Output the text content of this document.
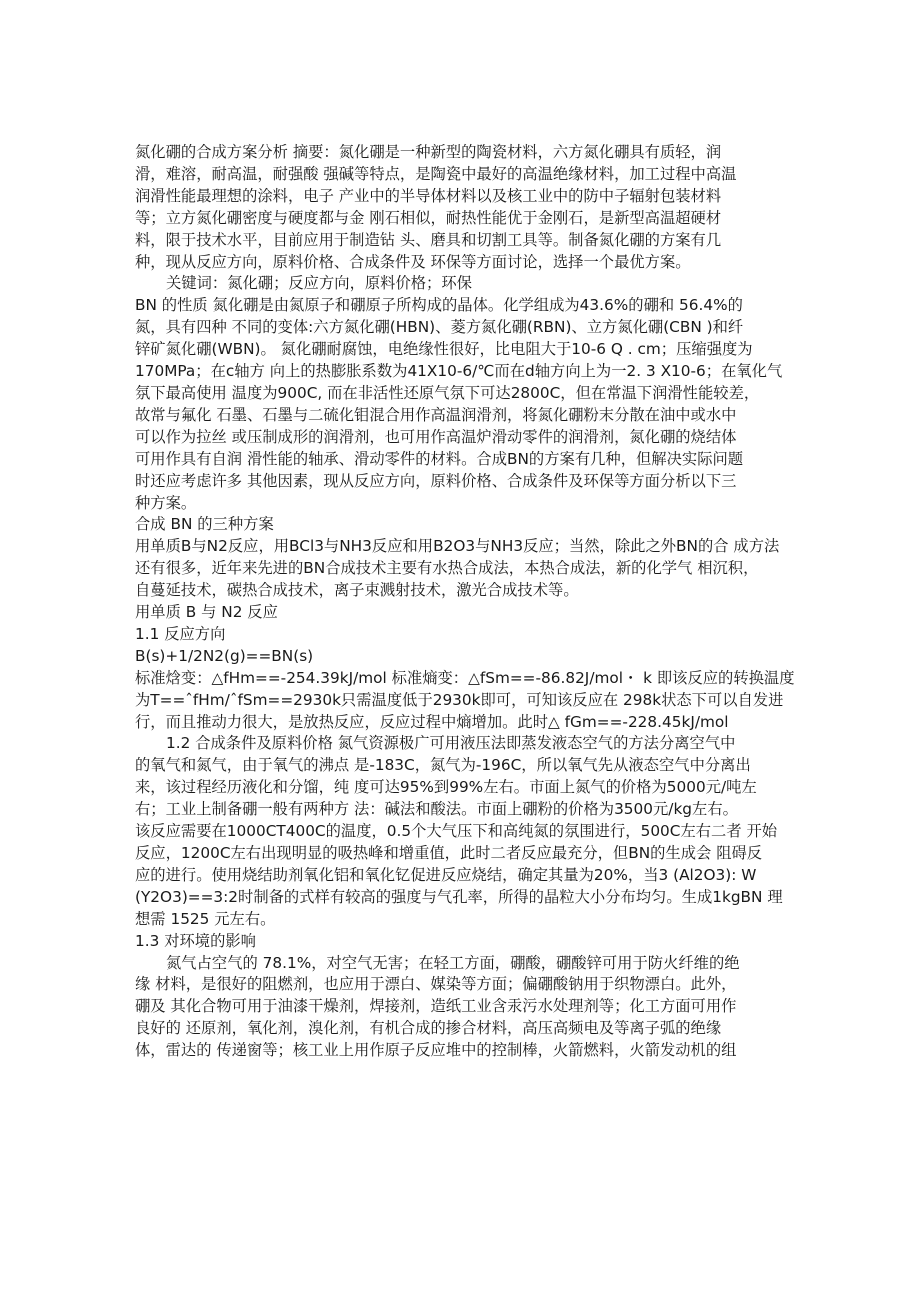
氮化硼的合成方案分析 摘要：氮化硼是一种新型的陶瓷材料，六方氮化硼具有质轻，润
滑，难溶，耐高温，耐强酸 强碱等特点，是陶瓷中最好的高温绝缘材料，加工过程中高温
润滑性能最理想的涂料，电子 产业中的半导体材料以及核工业中的防中子辐射包装材料
等；立方氮化硼密度与硬度都与金 刚石相似，耐热性能优于金刚石，是新型高温超硬材
料，限于技术水平，目前应用于制造钻 头、磨具和切割工具等。制备氮化硼的方案有几
种，现从反应方向，原料价格、合成条件及 环保等方面讨论，选择一个最优方案。
关键词：氮化硼；反应方向，原料价格；环保
BN 的性质 氮化硼是由氮原子和硼原子所构成的晶体。化学组成为43.6%的硼和 56.4%的
氮，具有四种 不同的变体:六方氮化硼(HBN)、菱方氮化硼(RBN)、立方氮化硼(CBN )和纤
锌矿氮化硼(WBN)。 氮化硼耐腐蚀，电绝缘性很好，比电阻大于10-6 Q . cm；压缩强度为
170MPa；在c轴方 向上的热膨胀系数为41X10-6/℃而在d轴方向上为一2. 3 X10-6；在氧化气
氛下最高使用 温度为900C, 而在非活性还原气氛下可达2800C，但在常温下润滑性能较差，
故常与氟化 石墨、石墨与二硫化钼混合用作高温润滑剂，将氮化硼粉末分散在油中或水中
可以作为拉丝 或压制成形的润滑剂，也可用作高温炉滑动零件的润滑剂，氮化硼的烧结体
可用作具有自润 滑性能的轴承、滑动零件的材料。合成BN的方案有几种，但解决实际问题
时还应考虑许多 其他因素，现从反应方向，原料价格、合成条件及环保等方面分析以下三
种方案。
合成 BN 的三种方案
用单质B与N2反应，用BCl3与NH3反应和用B2O3与NH3反应；当然，除此之外BN的合 成方法
还有很多，近年来先进的BN合成技术主要有水热合成法，本热合成法，新的化学气 相沉积，
自蔓延技术，碳热合成技术，离子束溅射技术，激光合成技术等。
用单质 B 与 N2 反应
1.1 反应方向
B(s)+1/2N2(g)==BN(s)
标准焓变：△fHm==-254.39kJ/mol 标准熵变：△fSm==-86.82J/mol・ k 即该反应的转换温度
为T==ˆfHm/ˆfSm==2930k只需温度低于2930k即可，可知该反应在 298k状态下可以自发进
行，而且推动力很大，是放热反应，反应过程中熵增加。此时△ fGm==-228.45kJ/mol
1.2 合成条件及原料价格 氮气资源极广可用液压法即蒸发液态空气的方法分离空气中
的氧气和氮气，由于氧气的沸点 是-183C，氮气为-196C，所以氧气先从液态空气中分离出
来，该过程经历液化和分馏，纯 度可达95%到99%左右。市面上氮气的价格为5000元/吨左
右；工业上制备硼一般有两种方 法：碱法和酸法。市面上硼粉的价格为3500元/kg左右。
该反应需要在1000CT400C的温度，0.5个大气压下和高纯氮的氛围进行，500C左右二者 开始
反应，1200C左右出现明显的吸热峰和增重值，此时二者反应最充分，但BN的生成会 阻碍反
应的进行。使用烧结助剂氧化铝和氧化钇促进反应烧结，确定其量为20%，当3 (Al2O3): W
(Y2O3)==3:2时制备的式样有较高的强度与气孔率，所得的晶粒大小分布均匀。生成1kgBN 理
想需 1525 元左右。
1.3 对环境的影响
氮气占空气的 78.1%，对空气无害；在轻工方面，硼酸，硼酸锌可用于防火纤维的绝
缘 材料，是很好的阻燃剂，也应用于漂白、媒染等方面；偏硼酸钠用于织物漂白。此外，
硼及 其化合物可用于油漆干燥剂，焊接剂，造纸工业含汞污水处理剂等；化工方面可用作
良好的 还原剂，氧化剂，溴化剂，有机合成的掺合材料，高压高频电及等离子弧的绝缘
体，雷达的 传递窗等；核工业上用作原子反应堆中的控制棒，火箭燃料，火箭发动机的组
